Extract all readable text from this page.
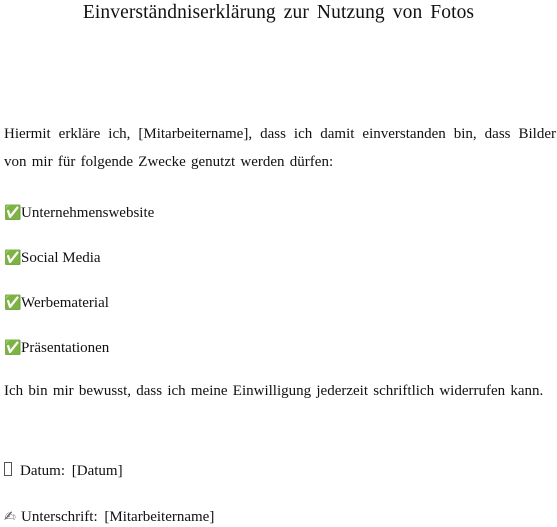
Einverständniserklärung zur Nutzung von Fotos

Hiermit erkläre ich, [Mitarbeitername], dass ich damit einverstanden bin, dass Bilder von mir für folgende Zwecke genutzt werden dürfen:

✅Unternehmenswebsite

✅Social Media

✅Werbematerial

✅Präsentationen

Ich bin mir bewusst, dass ich meine Einwilligung jederzeit schriftlich widerrufen kann.

Datum: [Datum]

✍ Unterschrift: [Mitarbeitername]
